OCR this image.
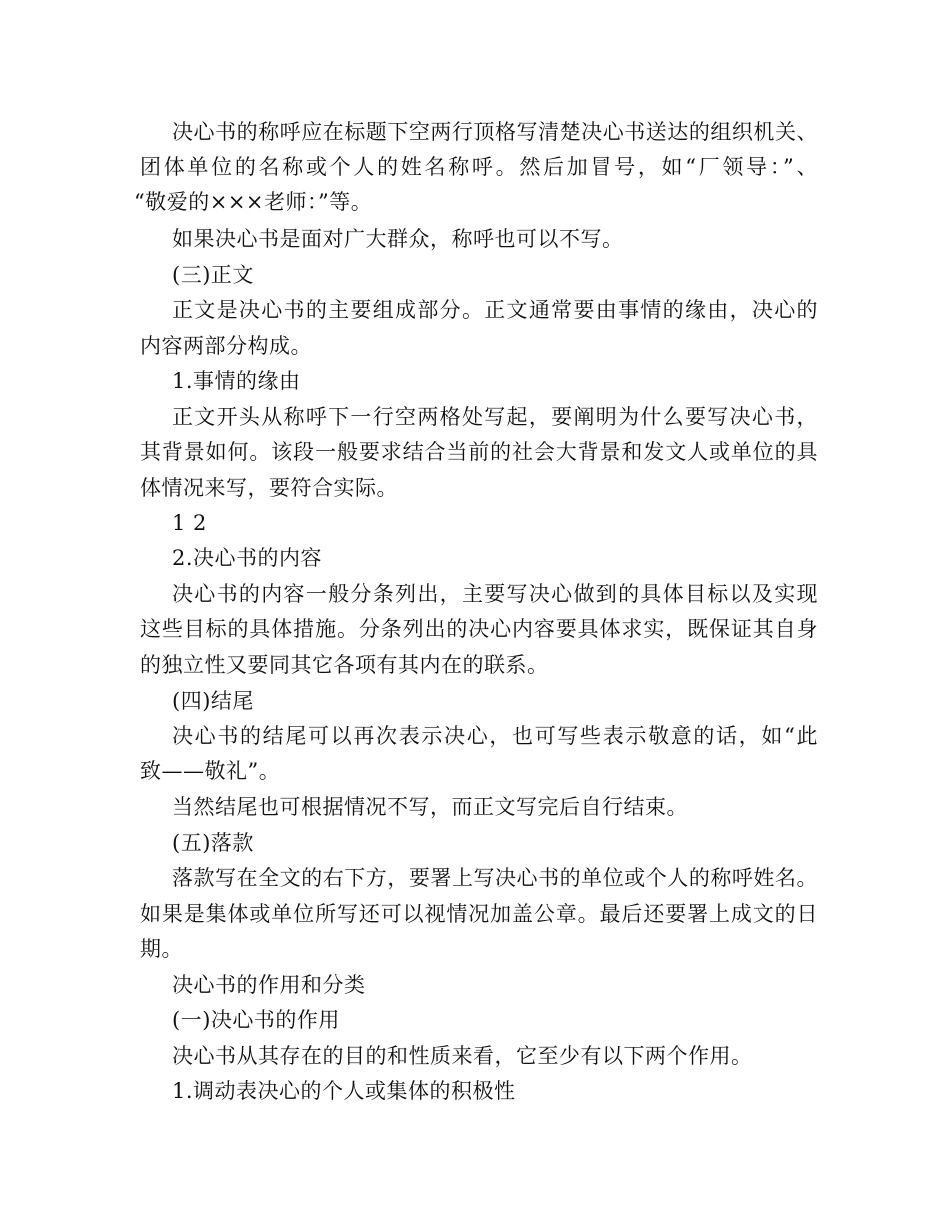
决心书的称呼应在标题下空两行顶格写清楚决心书送达的组织机关、
团体单位的名称或个人的姓名称呼。然后加冒号，如“厂领导：”、
“敬爱的×××老师：”等。
如果决心书是面对广大群众，称呼也可以不写。
(三)正文
正文是决心书的主要组成部分。正文通常要由事情的缘由，决心的
内容两部分构成。
1.事情的缘由
正文开头从称呼下一行空两格处写起，要阐明为什么要写决心书，
其背景如何。该段一般要求结合当前的社会大背景和发文人或单位的具
体情况来写，要符合实际。
1 2
2.决心书的内容
决心书的内容一般分条列出，主要写决心做到的具体目标以及实现
这些目标的具体措施。分条列出的决心内容要具体求实，既保证其自身
的独立性又要同其它各项有其内在的联系。
(四)结尾
决心书的结尾可以再次表示决心，也可写些表示敬意的话，如“此
致——敬礼”。
当然结尾也可根据情况不写，而正文写完后自行结束。
(五)落款
落款写在全文的右下方，要署上写决心书的单位或个人的称呼姓名。
如果是集体或单位所写还可以视情况加盖公章。最后还要署上成文的日
期。
决心书的作用和分类
(一)决心书的作用
决心书从其存在的目的和性质来看，它至少有以下两个作用。
1.调动表决心的个人或集体的积极性
